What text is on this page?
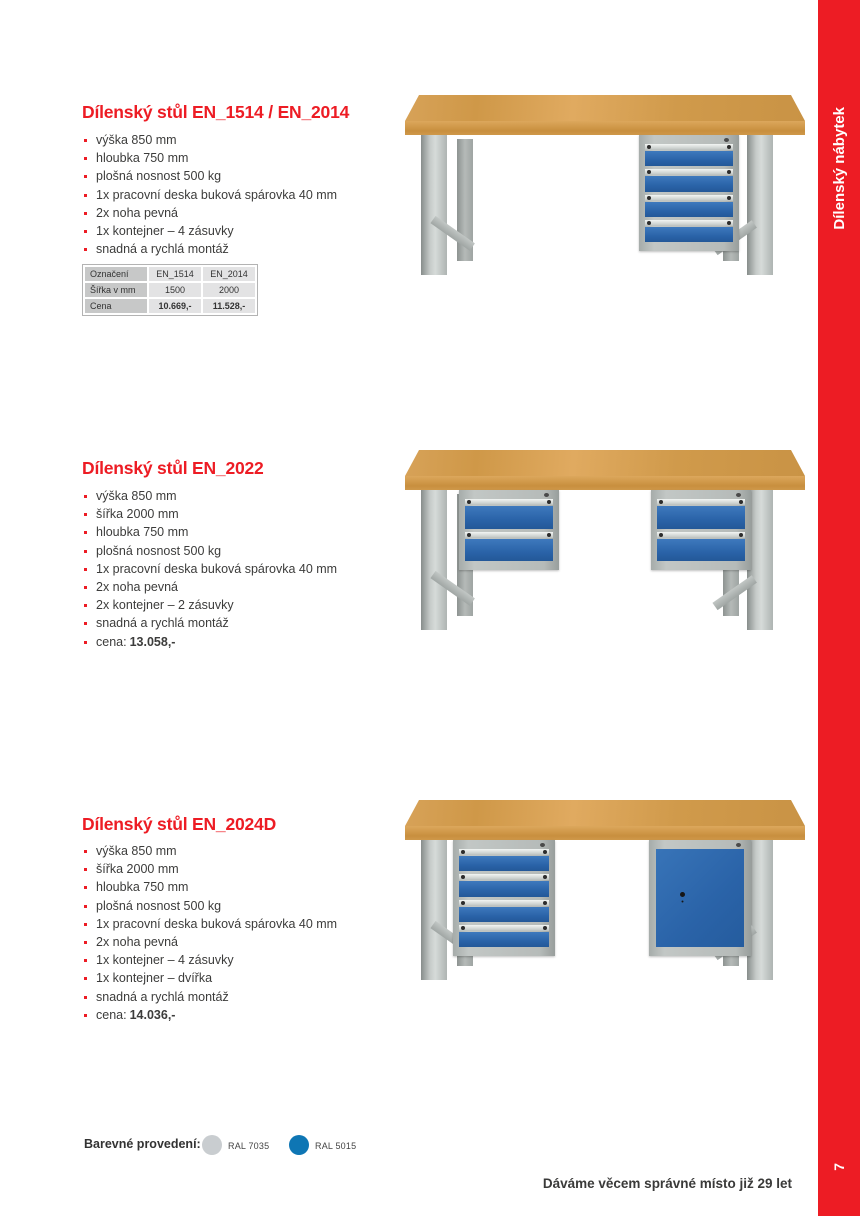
Dílenský nábytek
7
Dílenský stůl EN_1514 / EN_2014
výška 850 mm
hloubka 750 mm
plošná nosnost 500 kg
1x pracovní deska buková spárovka 40 mm
2x noha pevná
1x kontejner – 4 zásuvky
snadná a rychlá montáž
Označení	EN_1514	EN_2014
Šířka v mm	1500	2000
Cena	10.669,-	11.528,-
Dílenský stůl EN_2022
výška 850 mm
šířka 2000 mm
hloubka 750 mm
plošná nosnost 500 kg
1x pracovní deska buková spárovka 40 mm
2x noha pevná
2x kontejner – 2 zásuvky
snadná a rychlá montáž
cena: 13.058,-
Dílenský stůl EN_2024D
výška 850 mm
šířka 2000 mm
hloubka 750 mm
plošná nosnost 500 kg
1x pracovní deska buková spárovka 40 mm
2x noha pevná
1x kontejner – 4 zásuvky
1x kontejner – dvířka
snadná a rychlá montáž
cena: 14.036,-
Barevné provedení:	RAL 7035	RAL 5015
Dáváme věcem správné místo již 29 let
